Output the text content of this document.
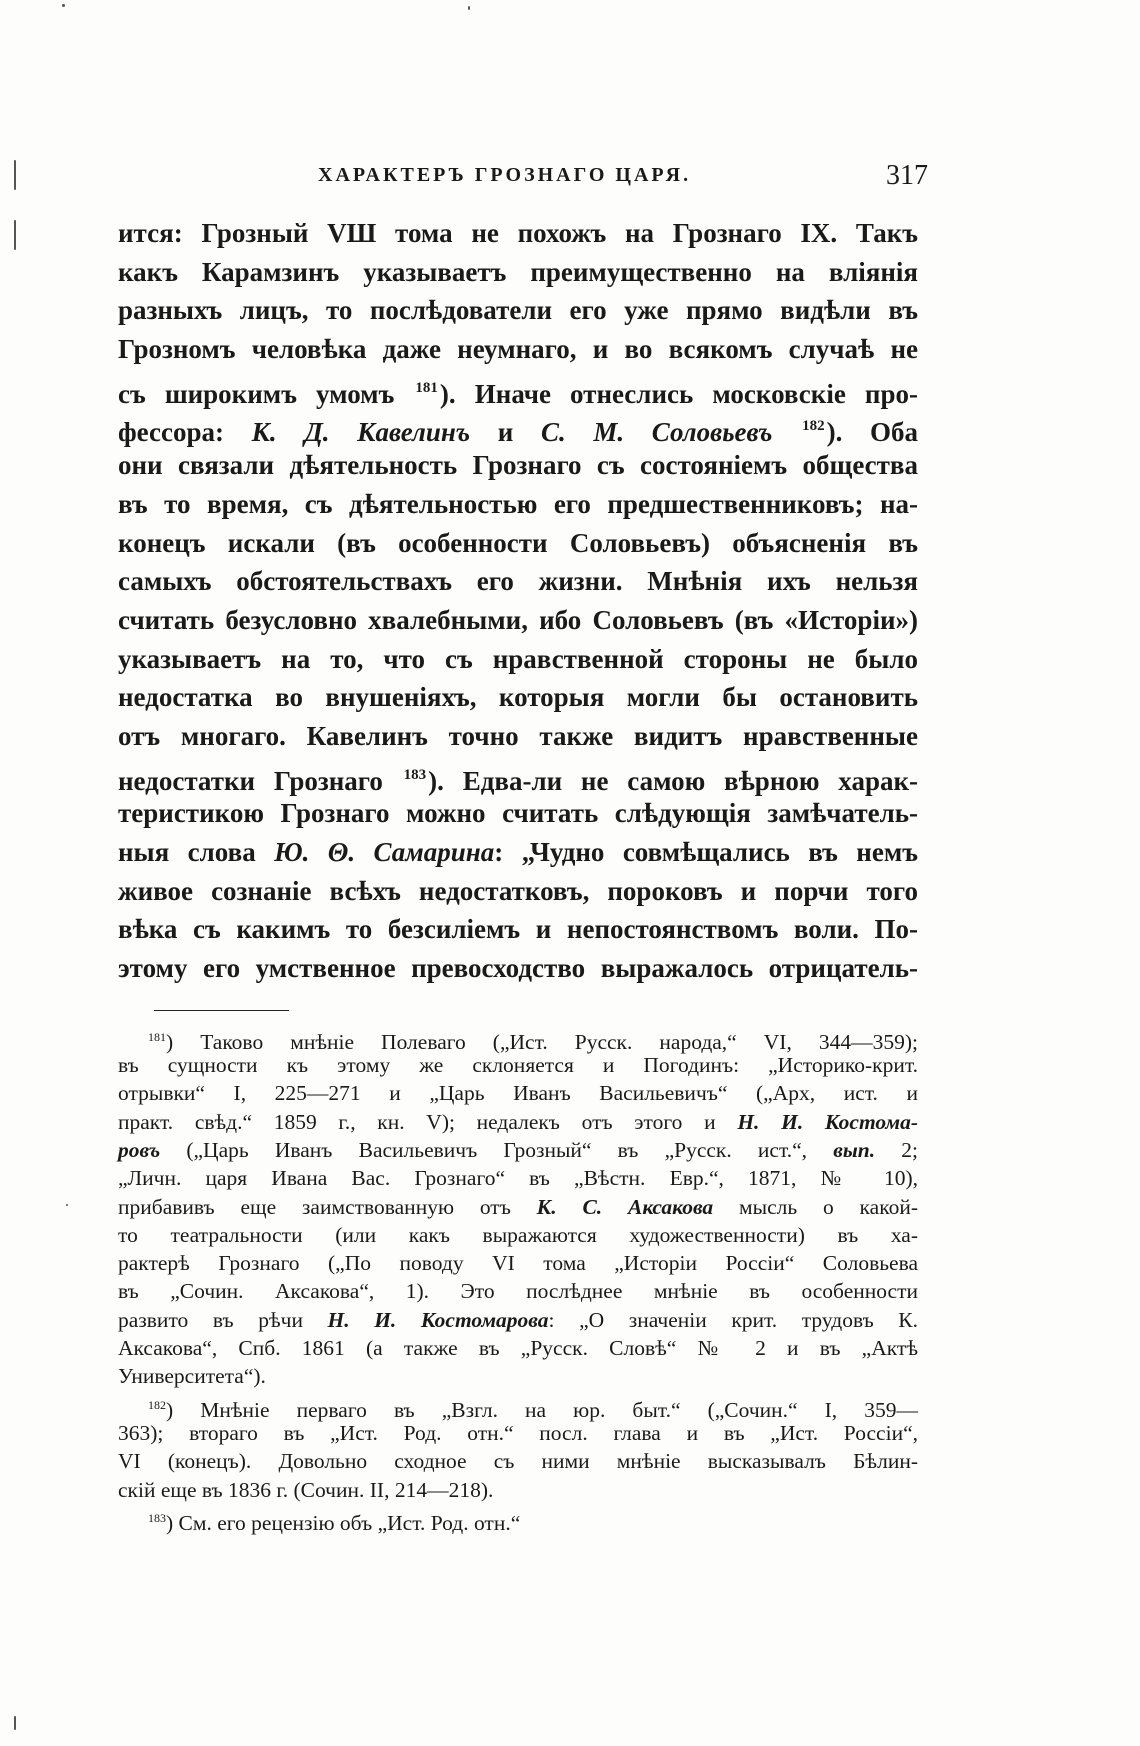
ХАРАКТЕРЪ ГРОЗНАГО ЦАРЯ.	317
ится: Грозный VШ тома не похожъ на Грознаго IX. Такъ
какъ Карамзинъ указываетъ преимущественно на вліянія
разныхъ лицъ, то послѣдователи его уже прямо видѣли въ
Грозномъ человѣка даже неумнаго, и во всякомъ случаѣ не
съ широкимъ умомъ $^{181}$). Иначе отнеслись московскіе про-
фессора: К. Д. Кавелинъ и С. М. Соловьевъ $^{182}$). Оба
они связали дѣятельность Грознаго съ состояніемъ общества
въ то время, съ дѣятельностью его предшественниковъ; на-
конецъ искали (въ особенности Соловьевъ) объясненія въ
самыхъ обстоятельствахъ его жизни. Мнѣнія ихъ нельзя
считать безусловно хвалебными, ибо Соловьевъ (въ «Исторіи»)
указываетъ на то, что съ нравственной стороны не было
недостатка во внушеніяхъ, которыя могли бы остановить
отъ многаго. Кавелинъ точно также видитъ нравственные
недостатки Грознаго $^{183}$). Едва-ли не самою вѣрною харак-
теристикою Грознаго можно считать слѣдующія замѣчатель-
ныя слова Ю. Θ. Самарина: „Чудно совмѣщались въ немъ
живое сознаніе всѣхъ недостатковъ, пороковъ и порчи того
вѣка съ какимъ то безсиліемъ и непостоянствомъ воли. По-
этому его умственное превосходство выражалось отрицатель-
$^{181}$) Таково мнѣніе Полеваго („Ист. Русск. народа,“ VI, 344—359);
въ сущности къ этому же склоняется и Погодинъ: „Историко-крит.
отрывки“ I, 225—271 и „Царь Иванъ Васильевичъ“ („Арх, ист. и
практ. свѣд.“ 1859 г., кн. V); недалекъ отъ этого и Н. И. Костома-
ровъ („Царь Иванъ Васильевичъ Грозный“ въ „Русск. ист.“, вып. 2;
„Личн. царя Ивана Вас. Грознаго“ въ „Вѣстн. Евр.“, 1871, № 10),
прибавивъ еще заимствованную отъ К. С. Аксакова мысль о какой-
то театральности (или какъ выражаются художественности) въ ха-
рактерѣ Грознаго („По поводу VI тома „Исторіи Россіи“ Соловьева
въ „Сочин. Аксакова“, 1). Это послѣднее мнѣніе въ особенности
развито въ рѣчи Н. И. Костомарова: „О значеніи крит. трудовъ К.
Аксакова“, Спб. 1861 (а также въ „Русск. Словѣ“ № 2 и въ „Актѣ
Университета“).
$^{182}$) Мнѣніе перваго въ „Взгл. на юр. быт.“ („Сочин.“ I, 359—
363); втораго въ „Ист. Род. отн.“ посл. глава и въ „Ист. Россіи“,
VI (конецъ). Довольно сходное съ ними мнѣніе высказывалъ Бѣлин-
скій еще въ 1836 г. (Сочин. II, 214—218).
$^{183}$) См. его рецензію объ „Ист. Род. отн.“
